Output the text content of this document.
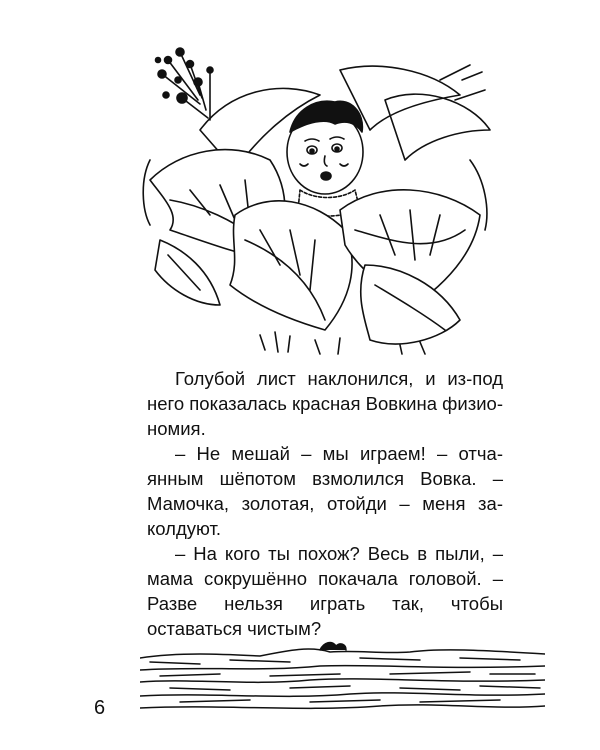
Голубой лист наклонился, и из-под него показалась красная Вовкина физиономия.

– Не мешай – мы играем! – отчаянным шёпотом взмолился Вовка. – Мамочка, золотая, отойди – меня заколдуют.

– На кого ты похож? Весь в пыли, – мама сокрушённо покачала головой. – Разве нельзя играть так, чтобы оставаться чистым?

6
